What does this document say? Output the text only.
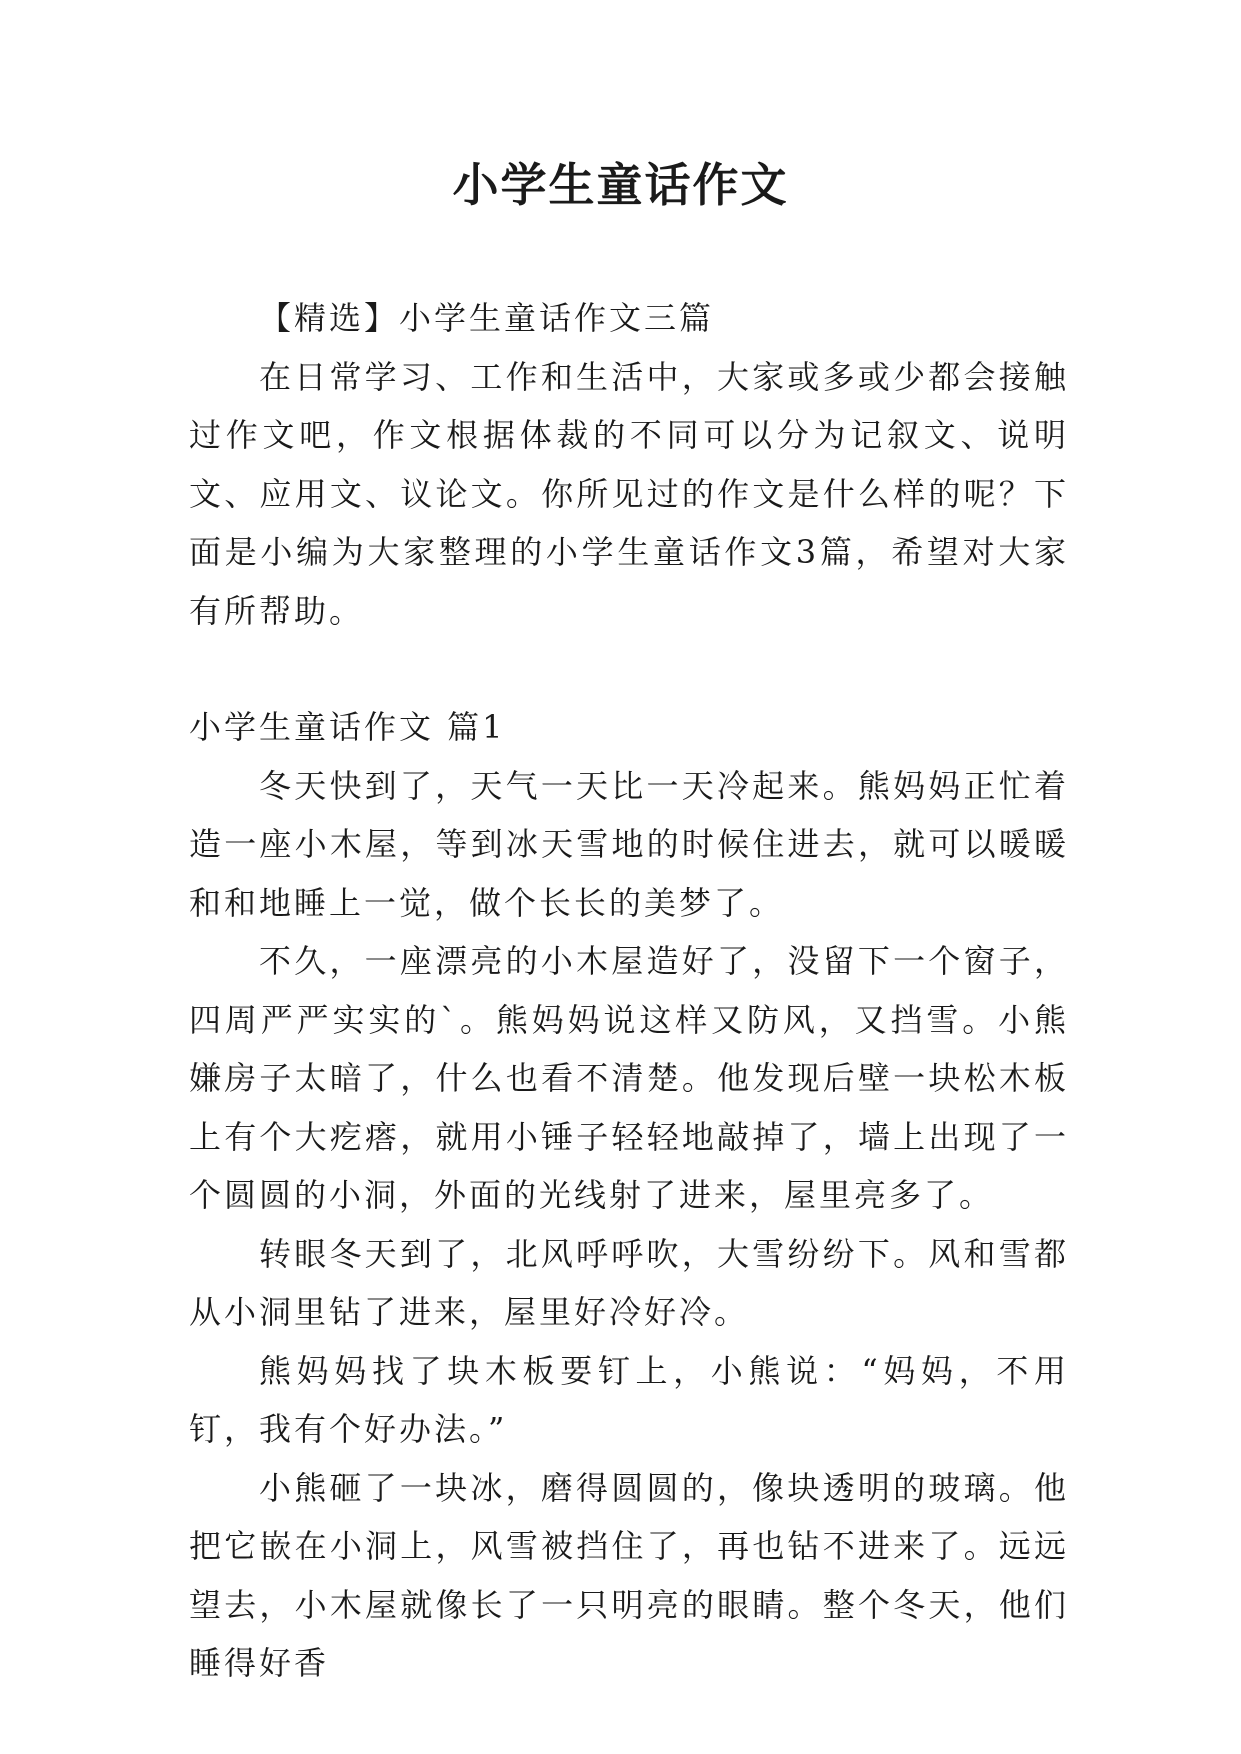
小学生童话作文

【精选】小学生童话作文三篇

在日常学习、工作和生活中，大家或多或少都会接触过作文吧，作文根据体裁的不同可以分为记叙文、说明文、应用文、议论文。你所见过的作文是什么样的呢？下面是小编为大家整理的小学生童话作文3篇，希望对大家有所帮助。

小学生童话作文 篇1

冬天快到了，天气一天比一天冷起来。熊妈妈正忙着造一座小木屋，等到冰天雪地的时候住进去，就可以暖暖和和地睡上一觉，做个长长的美梦了。

不久，一座漂亮的小木屋造好了，没留下一个窗子，四周严严实实的`。熊妈妈说这样又防风，又挡雪。小熊嫌房子太暗了，什么也看不清楚。他发现后壁一块松木板上有个大疙瘩，就用小锤子轻轻地敲掉了，墙上出现了一个圆圆的小洞，外面的光线射了进来，屋里亮多了。

转眼冬天到了，北风呼呼吹，大雪纷纷下。风和雪都从小洞里钻了进来，屋里好冷好冷。

熊妈妈找了块木板要钉上，小熊说：“妈妈，不用钉，我有个好办法。”

小熊砸了一块冰，磨得圆圆的，像块透明的玻璃。他把它嵌在小洞上，风雪被挡住了，再也钻不进来了。远远望去，小木屋就像长了一只明亮的眼睛。整个冬天，他们睡得好香
